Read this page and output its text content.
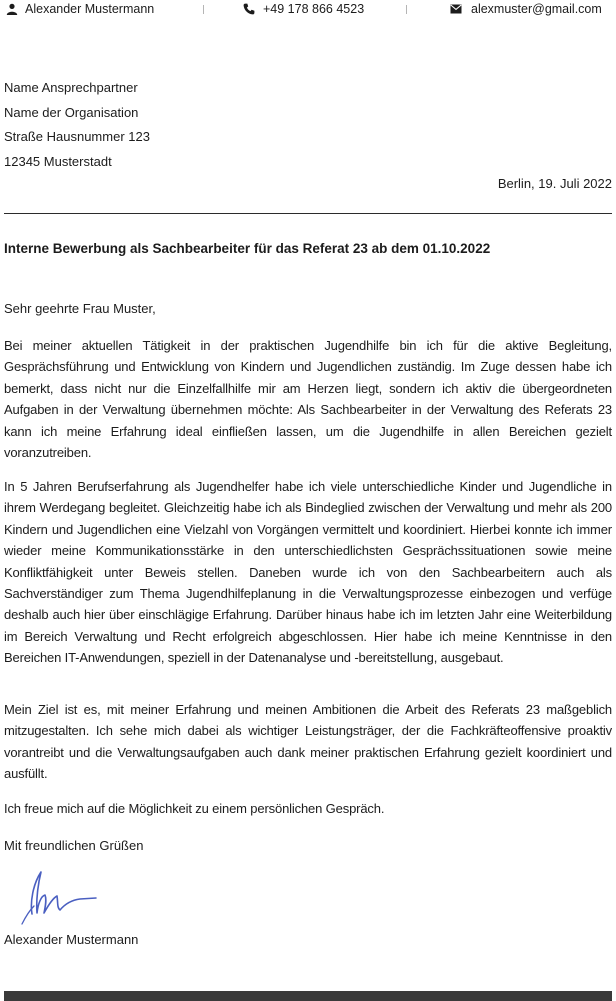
Alexander Mustermann	+49 178 866 4523	alexmuster@gmail.com
Name Ansprechpartner
Name der Organisation
Straße Hausnummer 123
12345 Musterstadt
Berlin, 19. Juli 2022
Interne Bewerbung als Sachbearbeiter für das Referat 23 ab dem 01.10.2022
Sehr geehrte Frau Muster,

Bei meiner aktuellen Tätigkeit in der praktischen Jugendhilfe bin ich für die aktive Begleitung, Gesprächsführung und Entwicklung von Kindern und Jugendlichen zuständig. Im Zuge dessen habe ich bemerkt, dass nicht nur die Einzelfallhilfe mir am Herzen liegt, sondern ich aktiv die übergeordneten Aufgaben in der Verwaltung übernehmen möchte: Als Sachbearbeiter in der Verwaltung des Referats 23 kann ich meine Erfahrung ideal einfließen lassen, um die Jugendhilfe in allen Bereichen gezielt voranzutreiben.

In 5 Jahren Berufserfahrung als Jugendhelfer habe ich viele unterschiedliche Kinder und Jugendliche in ihrem Werdegang begleitet. Gleichzeitig habe ich als Bindeglied zwischen der Verwaltung und mehr als 200 Kindern und Jugendlichen eine Vielzahl von Vorgängen vermittelt und koordiniert. Hierbei konnte ich immer wieder meine Kommunikationsstärke in den unterschiedlichsten Gesprächssituationen sowie meine Konfliktfähigkeit unter Beweis stellen. Daneben wurde ich von den Sachbearbeitern auch als Sachverständiger zum Thema Jugendhilfeplanung in die Verwaltungsprozesse einbezogen und verfüge deshalb auch hier über einschlägige Erfahrung. Darüber hinaus habe ich im letzten Jahr eine Weiterbildung im Bereich Verwaltung und Recht erfolgreich abgeschlossen. Hier habe ich meine Kenntnisse in den Bereichen IT-Anwendungen, speziell in der Datenanalyse und -bereitstellung, ausgebaut.

Mein Ziel ist es, mit meiner Erfahrung und meinen Ambitionen die Arbeit des Referats 23 maßgeblich mitzugestalten. Ich sehe mich dabei als wichtiger Leistungsträger, der die Fachkräfteoffensive proaktiv vorantreibt und die Verwaltungsaufgaben auch dank meiner praktischen Erfahrung gezielt koordiniert und ausfüllt.

Ich freue mich auf die Möglichkeit zu einem persönlichen Gespräch.

Mit freundlichen Grüßen
Alexander Mustermann
